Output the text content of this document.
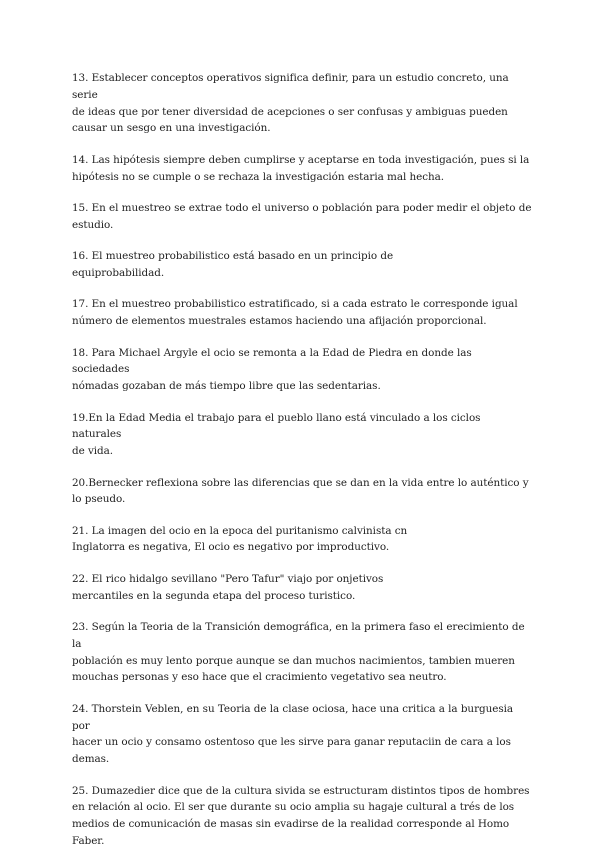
13. Establecer conceptos operativos significa definir, para un estudio concreto, una serie
de ideas que por tener diversidad de acepciones o ser confusas y ambiguas pueden
causar un sesgo en una investigación.
14. Las hipótesis siempre deben cumplirse y aceptarse en toda investigación, pues si la
hipótesis no se cumple o se rechaza la investigación estaria mal hecha.
15. En el muestreo se extrae todo el universo o población para poder medir el objeto de
estudio.
16. El muestreo probabilistico está basado en un principio de
equiprobabilidad.
17. En el muestreo probabilistico estratificado, si a cada estrato le corresponde igual
número de elementos muestrales estamos haciendo una afijación proporcional.
18. Para Michael Argyle el ocio se remonta a la Edad de Piedra en donde las sociedades
nómadas gozaban de más tiempo libre que las sedentarias.
19.En la Edad Media el trabajo para el pueblo llano está vinculado a los ciclos naturales
de vida.
20.Bernecker reflexiona sobre las diferencias que se dan en la vida entre lo auténtico y
lo pseudo.
21. La imagen del ocio en la epoca del puritanismo calvinista cn
Inglatorra es negativa, El ocio es negativo por improductivo.
22. El rico hidalgo sevillano "Pero Tafur" viajo por onjetivos
mercantiles en la segunda etapa del proceso turistico.
23. Según la Teoria de la Transición demográfica, en la primera faso el erecimiento de la
población es muy lento porque aunque se dan muchos nacimientos, tambien mueren
mouchas personas y eso hace que el cracimiento vegetativo sea neutro.
24. Thorstein Veblen, en su Teoria de la clase ociosa, hace una critica a la burguesia por
hacer un ocio y consamo ostentoso que les sirve para ganar reputaciin de cara a los
demas.
25. Dumazedier dice que de la cultura sivida se estructuram distintos tipos de hombres
en relación al ocio. El ser que durante su ocio amplia su hagaje cultural a trés de los
medios de comunicación de masas sin evadirse de la realidad corresponde al Homo
Faber.
